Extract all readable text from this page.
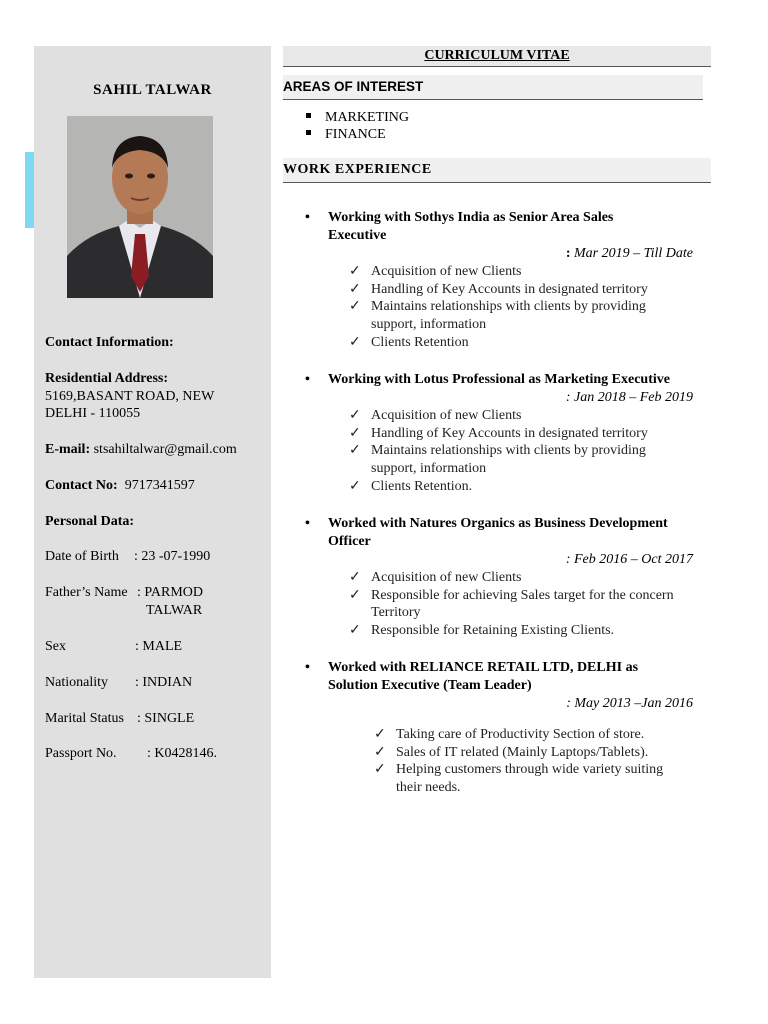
SAHIL TALWAR
Contact Information:
Residential Address:
5169,BASANT ROAD, NEW
DELHI - 110055
E-mail: stsahiltalwar@gmail.com
Contact No: 9717341597
Personal Data:
Date of Birth : 23 -07-1990
Father’s Name : PARMOD
TALWAR
Sex	: MALE
Nationality : INDIAN
Marital Status : SINGLE
Passport No. : K0428146.
CURRICULUM VITAE
AREAS OF INTEREST
MARKETING
FINANCE
WORK EXPERIENCE
• Working with Sothys India as Senior Area Sales
Executive
: Mar 2019 – Till Date
✓ Acquisition of new Clients
✓ Handling of Key Accounts in designated territory
✓ Maintains relationships with clients by providing
support, information
✓ Clients Retention
• Working with Lotus Professional as Marketing Executive
: Jan 2018 – Feb 2019
✓ Acquisition of new Clients
✓ Handling of Key Accounts in designated territory
✓ Maintains relationships with clients by providing
support, information
✓ Clients Retention.
• Worked with Natures Organics as Business Development
Officer
: Feb 2016 – Oct 2017
✓ Acquisition of new Clients
✓ Responsible for achieving Sales target for the concern
Territory
✓ Responsible for Retaining Existing Clients.
• Worked with RELIANCE RETAIL LTD, DELHI as
Solution Executive (Team Leader)
: May 2013 –Jan 2016
✓ Taking care of Productivity Section of store.
✓ Sales of IT related (Mainly Laptops/Tablets).
✓ Helping customers through wide variety suiting
their needs.
